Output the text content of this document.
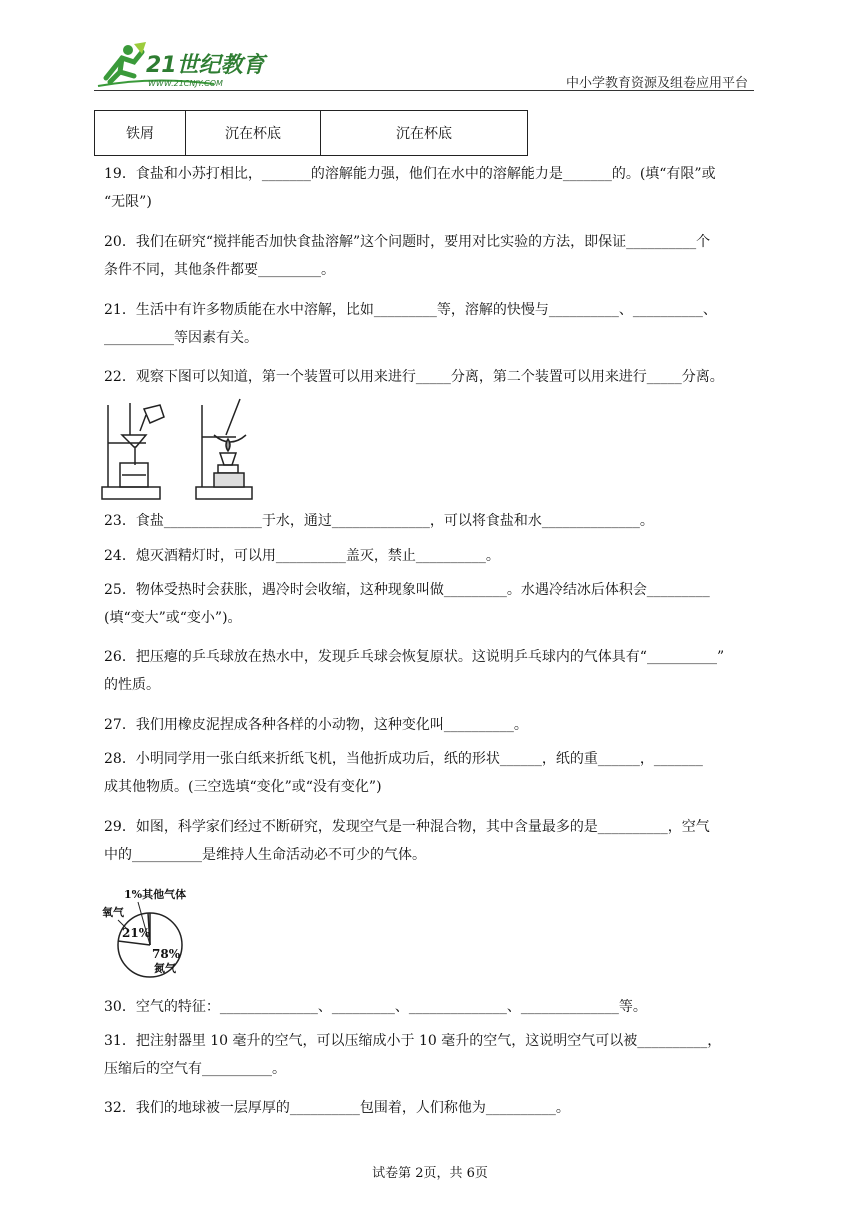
21世纪教育
WWW.21CNJY.COM	中小学教育资源及组卷应用平台
铁屑	沉在杯底	沉在杯底
19．食盐和小苏打相比，_______的溶解能力强，他们在水中的溶解能力是_______的。(填“有限”或
“无限”)
20．我们在研究“搅拌能否加快食盐溶解”这个问题时，要用对比实验的方法，即保证__________个
条件不同，其他条件都要_________。
21．生活中有许多物质能在水中溶解，比如_________等，溶解的快慢与__________、__________、
__________等因素有关。
22．观察下图可以知道，第一个装置可以用来进行_____分离，第二个装置可以用来进行_____分离。
23．食盐______________于水，通过______________，可以将食盐和水______________。
24．熄灭酒精灯时，可以用__________盖灭，禁止__________。
25．物体受热时会获胀，遇冷时会收缩，这种现象叫做_________。水遇冷结冰后体积会_________
(填“变大”或“变小”)。
26．把压瘪的乒乓球放在热水中，发现乒乓球会恢复原状。这说明乒乓球内的气体具有“__________”
的性质。
27．我们用橡皮泥捏成各种各样的小动物，这种变化叫__________。
28．小明同学用一张白纸来折纸飞机，当他折成功后，纸的形状______，纸的重______，_______
成其他物质。(三空选填“变化”或“没有变化”)
29．如图，科学家们经过不断研究，发现空气是一种混合物，其中含量最多的是__________，空气
中的__________是维持人生命活动必不可少的气体。
1%其他气体
氧气
21%
78%
氮气
30．空气的特征：______________、_________、______________、______________等。
31．把注射器里 10 毫升的空气，可以压缩成小于 10 毫升的空气，这说明空气可以被__________，
压缩后的空气有__________。
32．我们的地球被一层厚厚的__________包围着，人们称他为__________。
试卷第 2页，共 6页
